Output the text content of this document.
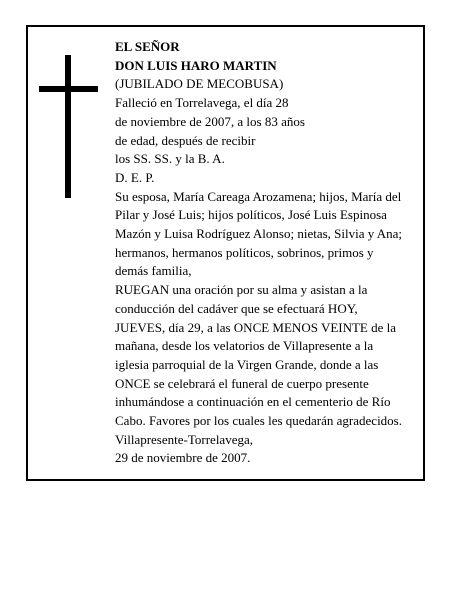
EL SEÑOR
DON LUIS HARO MARTIN
(JUBILADO DE MECOBUSA)
Falleció en Torrelavega, el día 28
de noviembre de 2007, a los 83 años
de edad, después de recibir
los SS. SS. y la B. A.
D. E. P.
Su esposa, María Careaga Arozamena; hijos, María del
Pilar y José Luis; hijos políticos, José Luis Espinosa
Mazón y Luisa Rodríguez Alonso; nietas, Silvia y Ana;
hermanos, hermanos políticos, sobrinos, primos y
demás familia,
RUEGAN una oración por su alma y asistan a la
conducción del cadáver que se efectuará HOY,
JUEVES, día 29, a las ONCE MENOS VEINTE de la
mañana, desde los velatorios de Villapresente a la
iglesia parroquial de la Virgen Grande, donde a las
ONCE se celebrará el funeral de cuerpo presente
inhumándose a continuación en el cementerio de Río
Cabo. Favores por los cuales les quedarán agradecidos.
Villapresente-Torrelavega,
29 de noviembre de 2007.
